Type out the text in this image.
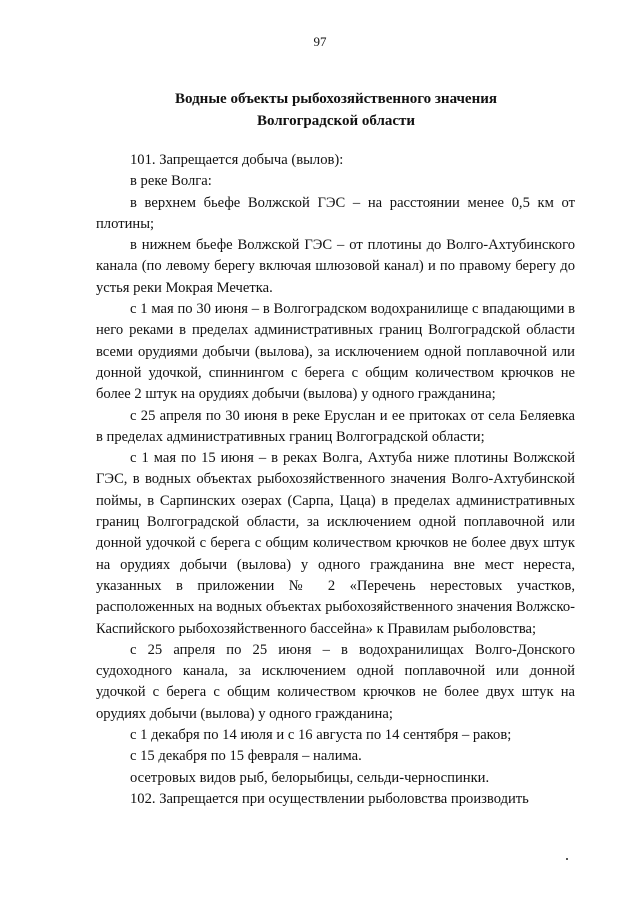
97
Водные объекты рыбохозяйственного значения
Волгоградской области

101. Запрещается добыча (вылов):

в реке Волга:

в верхнем бьефе Волжской ГЭС – на расстоянии менее 0,5 км от плотины;

в нижнем бьефе Волжской ГЭС – от плотины до Волго-Ахтубинского канала (по левому берегу включая шлюзовой канал) и по правому берегу до устья реки Мокрая Мечетка.

с 1 мая по 30 июня – в Волгоградском водохранилище с впадающими в него реками в пределах административных границ Волгоградской области всеми орудиями добычи (вылова), за исключением одной поплавочной или донной удочкой, спиннингом с берега с общим количеством крючков не более 2 штук на орудиях добычи (вылова) у одного гражданина;

с 25 апреля по 30 июня в реке Еруслан и ее притоках от села Беляевка в пределах административных границ Волгоградской области;

с 1 мая по 15 июня – в реках Волга, Ахтуба ниже плотины Волжской ГЭС, в водных объектах рыбохозяйственного значения Волго-Ахтубинской поймы, в Сарпинских озерах (Сарпа, Цаца) в пределах административных границ Волгоградской области, за исключением одной поплавочной или донной удочкой с берега с общим количеством крючков не более двух штук на орудиях добычи (вылова) у одного гражданина вне мест нереста, указанных в приложении № 2 «Перечень нерестовых участков, расположенных на водных объектах рыбохозяйственного значения Волжско-Каспийского рыбохозяйственного бассейна» к Правилам рыболовства;

с 25 апреля по 25 июня – в водохранилищах Волго-Донского судоходного канала, за исключением одной поплавочной или донной удочкой с берега с общим количеством крючков не более двух штук на орудиях добычи (вылова) у одного гражданина;

с 1 декабря по 14 июля и с 16 августа по 14 сентября – раков;

с 15 декабря по 15 февраля – налима.

осетровых видов рыб, белорыбицы, сельди-черноспинки.

102. Запрещается при осуществлении рыболовства производить
